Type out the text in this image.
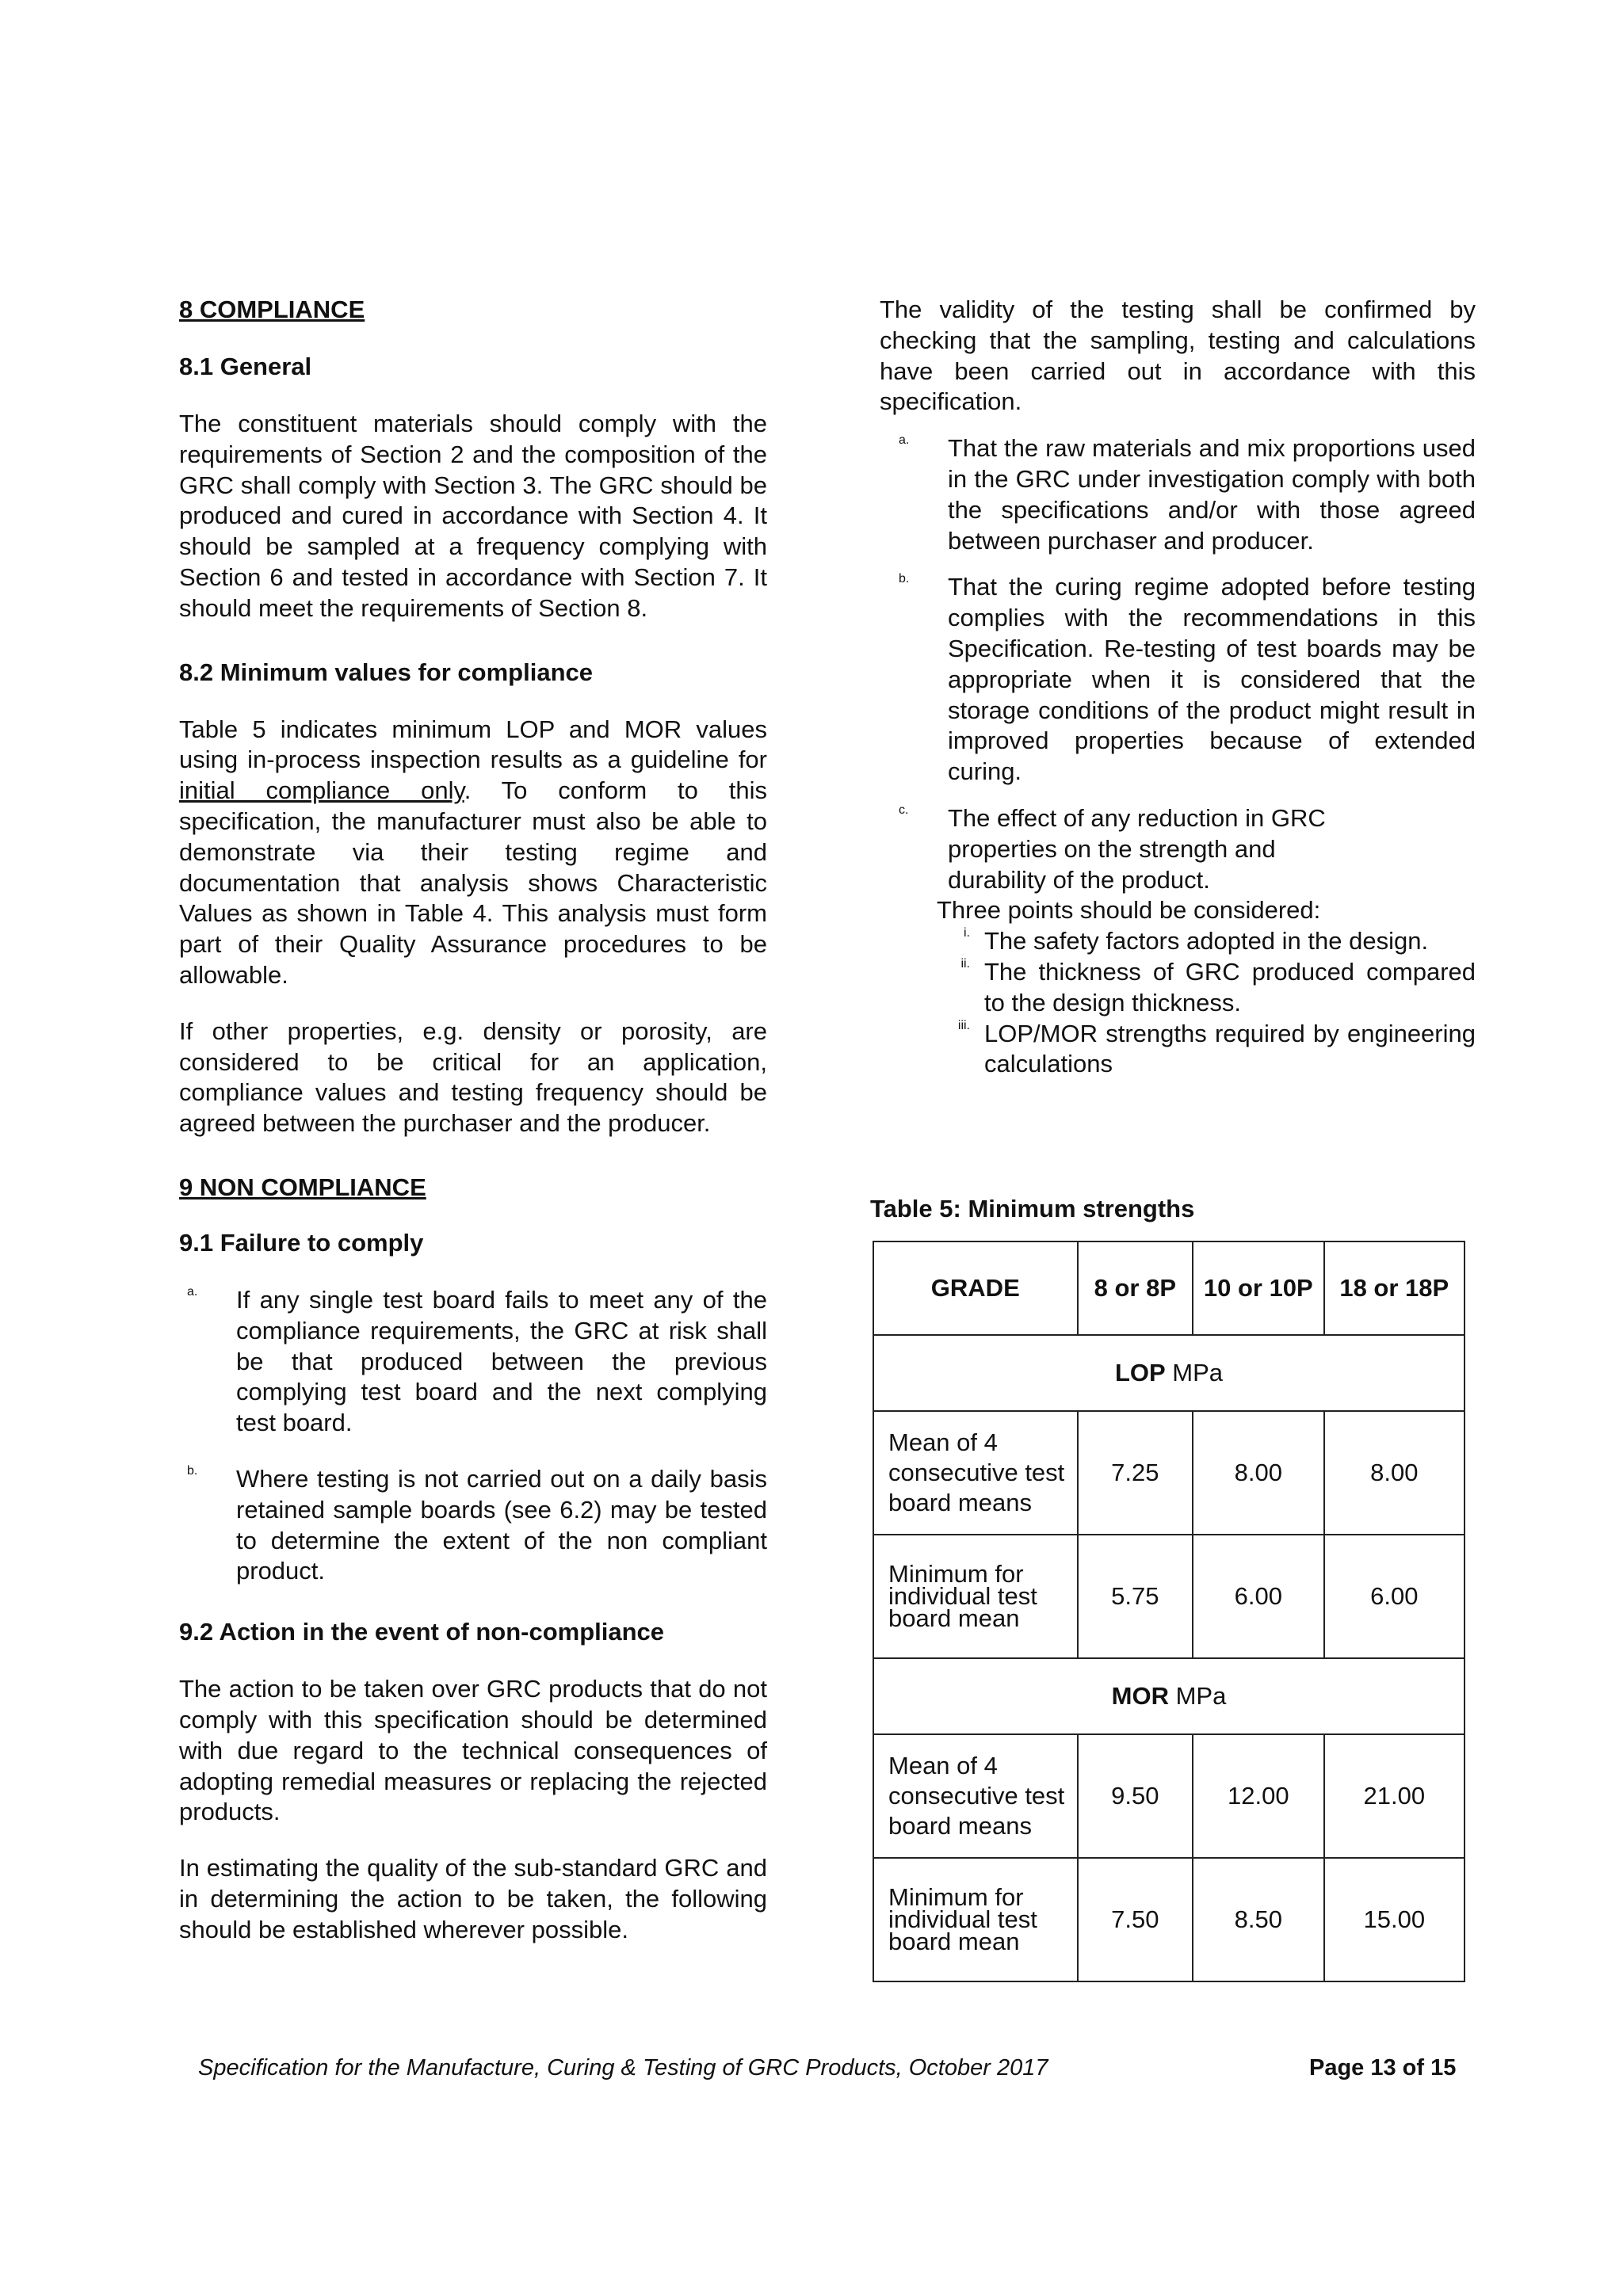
8 COMPLIANCE
8.1 General

The constituent materials should comply with the requirements of Section 2 and the composition of the GRC shall comply with Section 3. The GRC should be produced and cured in accordance with Section 4. It should be sampled at a frequency complying with Section 6 and tested in accordance with Section 7. It should meet the requirements of Section 8.

8.2 Minimum values for compliance

Table 5 indicates minimum LOP and MOR values using in-process inspection results as a guideline for initial compliance only. To conform to this specification, the manufacturer must also be able to demonstrate via their testing regime and documentation that analysis shows Characteristic Values as shown in Table 4. This analysis must form part of their Quality Assurance procedures to be allowable.

If other properties, e.g. density or porosity, are considered to be critical for an application, compliance values and testing frequency should be agreed between the purchaser and the producer.

9 NON COMPLIANCE
9.1 Failure to comply
a.	If any single test board fails to meet any of the compliance requirements, the GRC at risk shall be that produced between the previous complying test board and the next complying test board.

b.	Where testing is not carried out on a daily basis retained sample boards (see 6.2) may be tested to determine the extent of the non compliant product.

9.2 Action in the event of non-compliance

The action to be taken over GRC products that do not comply with this specification should be determined with due regard to the technical consequences of adopting remedial measures or replacing the rejected products.

In estimating the quality of the sub-standard GRC and in determining the action to be taken, the following should be established wherever possible.

The validity of the testing shall be confirmed by checking that the sampling, testing and calculations have been carried out in accordance with this specification.

a.	That the raw materials and mix proportions used in the GRC under investigation comply with both the specifications and/or with those agreed between purchaser and producer.

b.	That the curing regime adopted before testing complies with the recommendations in this Specification. Re-testing of test boards may be appropriate when it is considered that the storage conditions of the product might result in improved properties because of extended curing.

c.	The effect of any reduction in GRC properties on the strength and durability of the product.

Three points should be considered:

i. The safety factors adopted in the design.

ii. The thickness of GRC produced compared to the design thickness.

iii. LOP/MOR strengths required by engineering calculations

Table 5: Minimum strengths
GRADE	8 or 8P	10 or 10P	18 or 18P
LOP MPa			
Mean of 4 consecutive test board means	7.25	8.00	8.00
Minimum for individual test board mean	5.75	6.00	6.00
MOR MPa			
Mean of 4 consecutive test board means	9.50	12.00	21.00
Minimum for individual test board mean	7.50	8.50	15.00
Specification for the Manufacture, Curing & Testing of GRC Products, October 2017	Page 13 of 15
